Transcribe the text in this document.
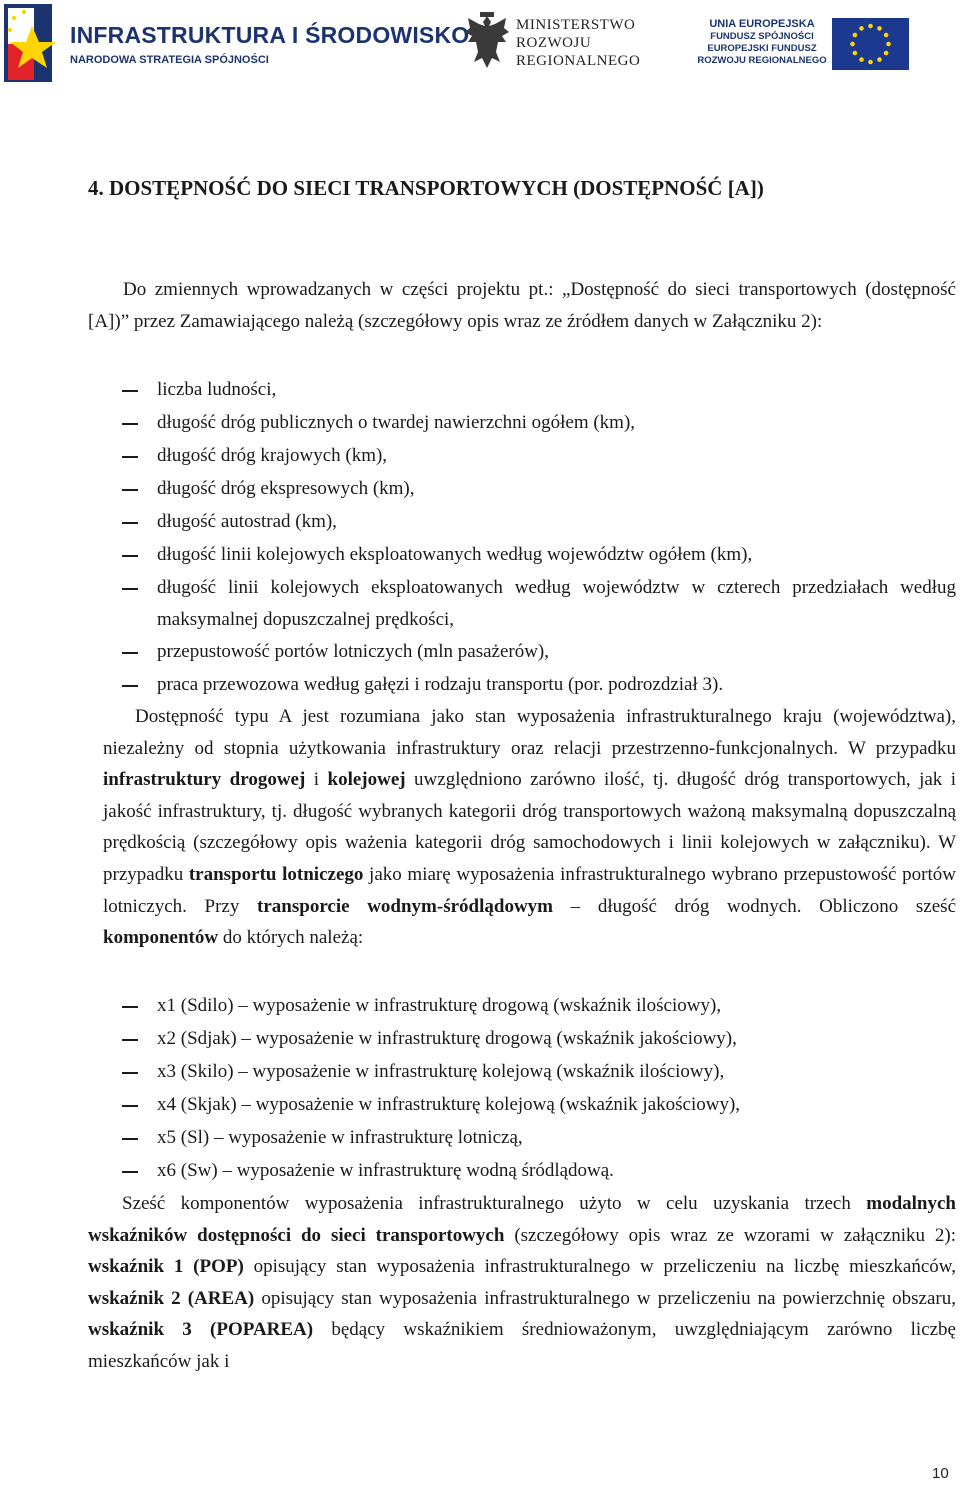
INFRASTRUKTURA I ŚRODOWISKO
NARODOWA STRATEGIA SPÓJNOŚCI
MINISTERSTWO
ROZWOJU
REGIONALNEGO
UNIA EUROPEJSKA
FUNDUSZ SPÓJNOŚCI
EUROPEJSKI FUNDUSZ
ROZWOJU REGIONALNEGO
4. DOSTĘPNOŚĆ DO SIECI TRANSPORTOWYCH (DOSTĘPNOŚĆ [A])

Do zmiennych wprowadzanych w części projektu pt.: „Dostępność do sieci transportowych (dostępność [A])” przez Zamawiającego należą (szczegółowy opis wraz ze źródłem danych w Załączniku 2):

liczba ludności,
długość dróg publicznych o twardej nawierzchni ogółem (km),
długość dróg krajowych (km),
długość dróg ekspresowych (km),
długość autostrad (km),
długość linii kolejowych eksploatowanych według województw ogółem (km),
długość linii kolejowych eksploatowanych według województw w czterech przedziałach według maksymalnej dopuszczalnej prędkości,
przepustowość portów lotniczych (mln pasażerów),
praca przewozowa według gałęzi i rodzaju transportu (por. podrozdział 3).

Dostępność typu A jest rozumiana jako stan wyposażenia infrastrukturalnego kraju (województwa), niezależny od stopnia użytkowania infrastruktury oraz relacji przestrzenno-funkcjonalnych. W przypadku infrastruktury drogowej i kolejowej uwzględniono zarówno ilość, tj. długość dróg transportowych, jak i jakość infrastruktury, tj. długość wybranych kategorii dróg transportowych ważoną maksymalną dopuszczalną prędkością (szczegółowy opis ważenia kategorii dróg samochodowych i linii kolejowych w załączniku). W przypadku transportu lotniczego jako miarę wyposażenia infrastrukturalnego wybrano przepustowość portów lotniczych. Przy transporcie wodnym-śródlądowym – długość dróg wodnych. Obliczono sześć komponentów do których należą:

x1 (Sdilo) – wyposażenie w infrastrukturę drogową (wskaźnik ilościowy),
x2 (Sdjak) – wyposażenie w infrastrukturę drogową (wskaźnik jakościowy),
x3 (Skilo) – wyposażenie w infrastrukturę kolejową (wskaźnik ilościowy),
x4 (Skjak) – wyposażenie w infrastrukturę kolejową (wskaźnik jakościowy),
x5 (Sl) – wyposażenie w infrastrukturę lotniczą,
x6 (Sw) – wyposażenie w infrastrukturę wodną śródlądową.

Sześć komponentów wyposażenia infrastrukturalnego użyto w celu uzyskania trzech modalnych wskaźników dostępności do sieci transportowych (szczegółowy opis wraz ze wzorami w załączniku 2): wskaźnik 1 (POP) opisujący stan wyposażenia infrastrukturalnego w przeliczeniu na liczbę mieszkańców, wskaźnik 2 (AREA) opisujący stan wyposażenia infrastrukturalnego w przeliczeniu na powierzchnię obszaru, wskaźnik 3 (POPAREA) będący wskaźnikiem średnioważonym, uwzględniającym zarówno liczbę mieszkańców jak i

10
